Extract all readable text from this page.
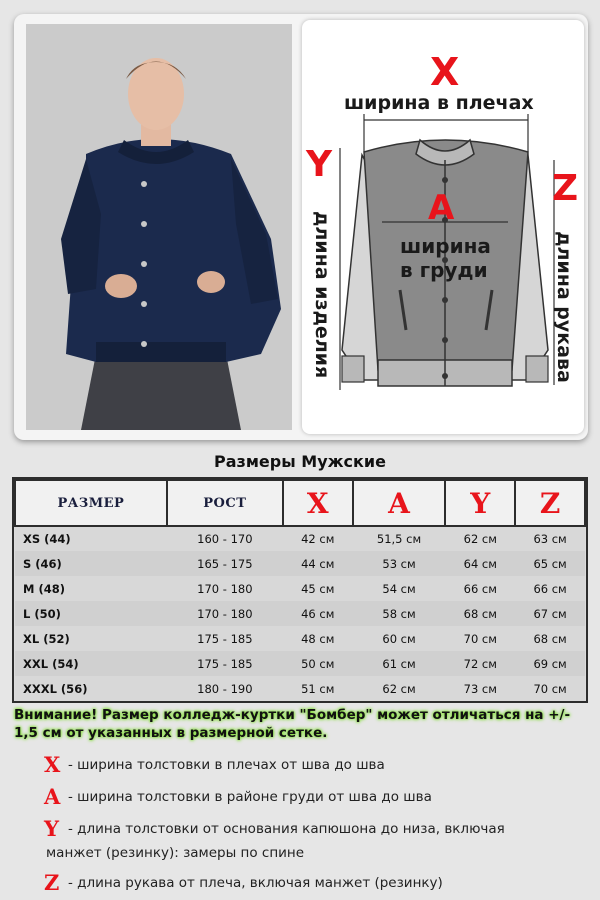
X
ширина в плечах
A
ширина
в груди
Y
длина изделия
Z
длина рукава
Размеры Мужские
РАЗМЕР	РОСТ	X	A	Y	Z
XS (44)	160 - 170	42 см	51,5 см	62 см	63 см
S (46)	165 - 175	44 см	53 см	64 см	65 см
M (48)	170 - 180	45 см	54 см	66 см	66 см
L (50)	170 - 180	46 см	58 см	68 см	67 см
XL (52)	175 - 185	48 см	60 см	70 см	68 см
XXL (54)	175 - 185	50 см	61 см	72 см	69 см
XXXL (56)	180 - 190	51 см	62 см	73 см	70 см
Внимание! Размер колледж-куртки "Бомбер" может отличаться на +/- 1,5 см от указанных в размерной сетке.
X - ширина толстовки в плечах от шва до шва
A - ширина толстовки в районе груди от шва до шва
Y - длина толстовки от основания капюшона до низа, включая
манжет (резинку): замеры по спине
Z - длина рукава от плеча, включая манжет (резинку)
